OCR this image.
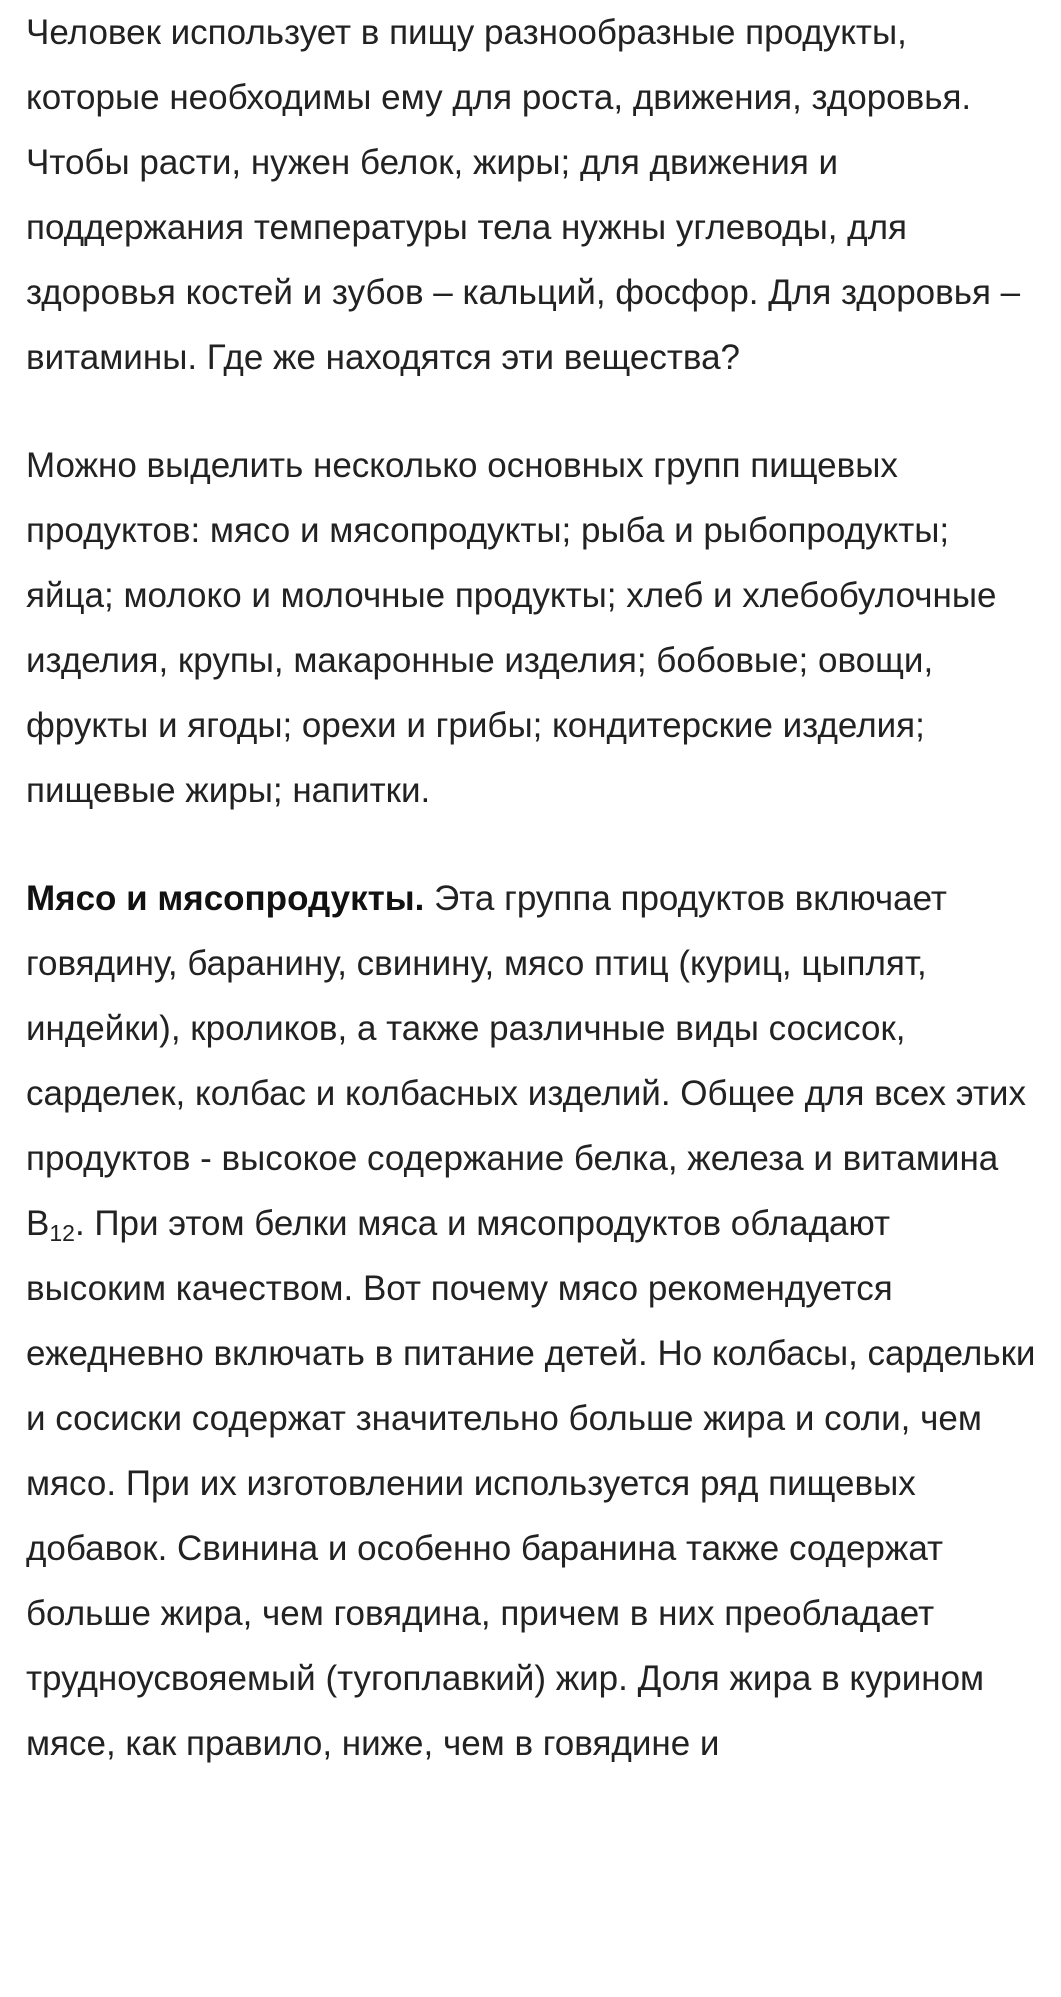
Человек использует в пищу разнообразные продукты, которые необходимы ему для роста, движения, здоровья. Чтобы расти, нужен белок, жиры; для движения и поддержания температуры тела нужны углеводы, для здоровья костей и зубов – кальций, фосфор. Для здоровья – витамины. Где же находятся эти вещества?

Можно выделить несколько основных групп пищевых продуктов: мясо и мясопродукты; рыба и рыбопродукты; яйца; молоко и молочные продукты; хлеб и хлебобулочные изделия, крупы, макаронные изделия; бобовые; овощи, фрукты и ягоды; орехи и грибы; кондитерские изделия; пищевые жиры; напитки.

Мясо и мясопродукты. Эта группа продуктов включает говядину, баранину, свинину, мясо птиц (куриц, цыплят, индейки), кроликов, а также различные виды сосисок, сарделек, колбас и колбасных изделий. Общее для всех этих продуктов - высокое содержание белка, железа и витамина $B_{12}$. При этом белки мяса и мясопродуктов обладают высоким качеством. Вот почему мясо рекомендуется ежедневно включать в питание детей. Но колбасы, сардельки и сосиски содержат значительно больше жира и соли, чем мясо. При их изготовлении используется ряд пищевых добавок. Свинина и особенно баранина также содержат больше жира, чем говядина, причем в них преобладает трудноусвояемый (тугоплавкий) жир. Доля жира в курином мясе, как правило, ниже, чем в говядине и
